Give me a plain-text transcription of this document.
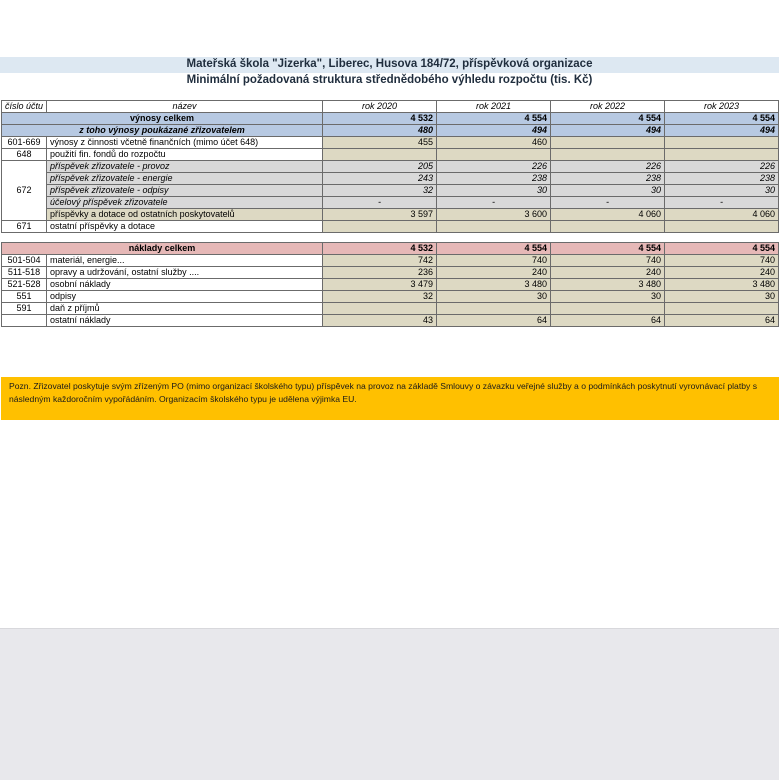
Mateřská škola "Jizerka", Liberec, Husova 184/72, příspěvková organizace
Minimální požadovaná struktura střednědobého výhledu rozpočtu (tis. Kč)
číslo účtu	název	rok 2020	rok 2021	rok 2022	rok 2023
výnosy celkem		4 532	4 554	4 554	4 554
z toho výnosy poukázané zřizovatelem		480	494	494	494
601-669	výnosy z činnosti včetně finančních (mimo účet 648)	455	460		
648	použití fin. fondů do rozpočtu				
672	příspěvek zřizovatele - provoz	205	226	226	226
	příspěvek zřizovatele - energie	243	238	238	238
	příspěvek zřizovatele - odpisy	32	30	30	30
	účelový příspěvek zřizovatele	-	-	-	-
	příspěvky a dotace od ostatních poskytovatelů	3 597	3 600	4 060	4 060
671	ostatní příspěvky a dotace				

náklady celkem		4 532	4 554	4 554	4 554
501-504	materiál, energie...	742	740	740	740
511-518	opravy a udržování, ostatní služby ....	236	240	240	240
521-528	osobní náklady	3 479	3 480	3 480	3 480
551	odpisy	32	30	30	30
591	daň z příjmů				
	ostatní náklady	43	64	64	64
Pozn. Zřizovatel poskytuje svým zřízeným PO (mimo organizací školského typu) příspěvek na provoz na základě Smlouvy o závazku veřejné služby a o podmínkách poskytnutí vyrovnávací platby s následným každoročním vypořádáním. Organizacím školského typu je udělena výjimka EU.
